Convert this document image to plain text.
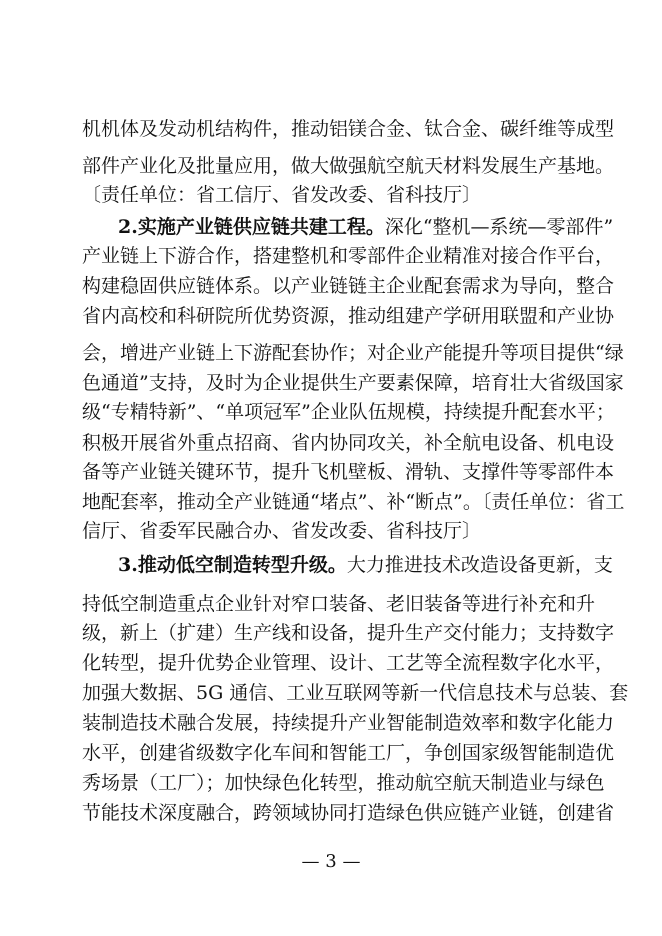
机机体及发动机结构件，推动铝镁合金、钛合金、碳纤维等成型
部件产业化及批量应用，做大做强航空航天材料发展生产基地。
〔责任单位：省工信厅、省发改委、省科技厅〕
2.实施产业链供应链共建工程。深化“整机—系统—零部件”
产业链上下游合作，搭建整机和零部件企业精准对接合作平台，
构建稳固供应链体系。以产业链链主企业配套需求为导向，整合
省内高校和科研院所优势资源，推动组建产学研用联盟和产业协
会，增进产业链上下游配套协作；对企业产能提升等项目提供“绿
色通道”支持，及时为企业提供生产要素保障，培育壮大省级国家
级“专精特新”、“单项冠军”企业队伍规模，持续提升配套水平；
积极开展省外重点招商、省内协同攻关，补全航电设备、机电设
备等产业链关键环节，提升飞机壁板、滑轨、支撑件等零部件本
地配套率，推动全产业链通“堵点”、补“断点”。〔责任单位：省工
信厅、省委军民融合办、省发改委、省科技厅〕
3.推动低空制造转型升级。大力推进技术改造设备更新，支
持低空制造重点企业针对窄口装备、老旧装备等进行补充和升
级，新上（扩建）生产线和设备，提升生产交付能力；支持数字
化转型，提升优势企业管理、设计、工艺等全流程数字化水平，
加强大数据、5G 通信、工业互联网等新一代信息技术与总装、套
装制造技术融合发展，持续提升产业智能制造效率和数字化能力
水平，创建省级数字化车间和智能工厂，争创国家级智能制造优
秀场景（工厂）；加快绿色化转型，推动航空航天制造业与绿色
节能技术深度融合，跨领域协同打造绿色供应链产业链，创建省
— 3 —
